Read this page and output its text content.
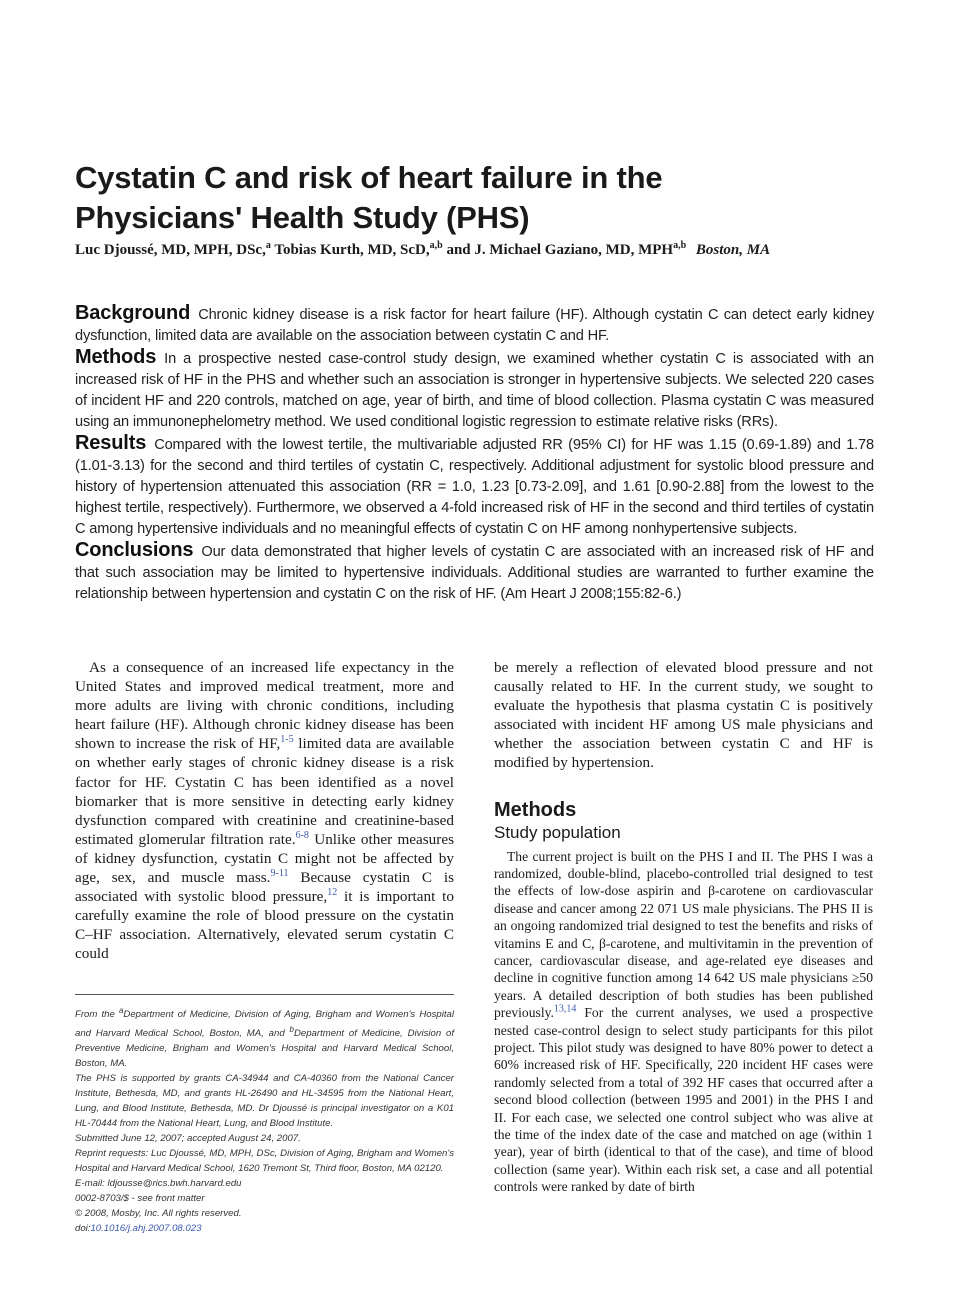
Cystatin C and risk of heart failure in the
Physicians' Health Study (PHS)
Luc Djoussé, MD, MPH, DSc,$^a$ Tobias Kurth, MD, ScD,$^{a,b}$ and J. Michael Gaziano, MD, MPH$^{a,b}$ Boston, MA

Background Chronic kidney disease is a risk factor for heart failure (HF). Although cystatin C can detect early kidney dysfunction, limited data are available on the association between cystatin C and HF.

Methods In a prospective nested case-control study design, we examined whether cystatin C is associated with an increased risk of HF in the PHS and whether such an association is stronger in hypertensive subjects. We selected 220 cases of incident HF and 220 controls, matched on age, year of birth, and time of blood collection. Plasma cystatin C was measured using an immunonephelometry method. We used conditional logistic regression to estimate relative risks (RRs).

Results Compared with the lowest tertile, the multivariable adjusted RR (95% CI) for HF was 1.15 (0.69-1.89) and 1.78 (1.01-3.13) for the second and third tertiles of cystatin C, respectively. Additional adjustment for systolic blood pressure and history of hypertension attenuated this association (RR = 1.0, 1.23 [0.73-2.09], and 1.61 [0.90-2.88] from the lowest to the highest tertile, respectively). Furthermore, we observed a 4-fold increased risk of HF in the second and third tertiles of cystatin C among hypertensive individuals and no meaningful effects of cystatin C on HF among nonhypertensive subjects.

Conclusions Our data demonstrated that higher levels of cystatin C are associated with an increased risk of HF and that such association may be limited to hypertensive individuals. Additional studies are warranted to further examine the relationship between hypertension and cystatin C on the risk of HF. (Am Heart J 2008;155:82-6.)

As a consequence of an increased life expectancy in the United States and improved medical treatment, more and more adults are living with chronic conditions, including heart failure (HF). Although chronic kidney disease has been shown to increase the risk of HF,$^{1-5}$ limited data are available on whether early stages of chronic kidney disease is a risk factor for HF. Cystatin C has been identified as a novel biomarker that is more sensitive in detecting early kidney dysfunction compared with creatinine and creatinine-based estimated glomerular filtration rate.$^{6-8}$ Unlike other measures of kidney dysfunction, cystatin C might not be affected by age, sex, and muscle mass.$^{9-11}$ Because cystatin C is associated with systolic blood pressure,$^{12}$ it is important to carefully examine the role of blood pressure on the cystatin C–HF association. Alternatively, elevated serum cystatin C could

From the $^a$Department of Medicine, Division of Aging, Brigham and Women's Hospital and Harvard Medical School, Boston, MA, and $^b$Department of Medicine, Division of Preventive Medicine, Brigham and Women's Hospital and Harvard Medical School, Boston, MA.

The PHS is supported by grants CA-34944 and CA-40360 from the National Cancer Institute, Bethesda, MD, and grants HL-26490 and HL-34595 from the National Heart, Lung, and Blood Institute, Bethesda, MD. Dr Djoussé is principal investigator on a K01 HL-70444 from the National Heart, Lung, and Blood Institute.

Submitted June 12, 2007; accepted August 24, 2007.

Reprint requests: Luc Djoussé, MD, MPH, DSc, Division of Aging, Brigham and Women's Hospital and Harvard Medical School, 1620 Tremont St, Third floor, Boston, MA 02120.

E-mail: ldjousse@rics.bwh.harvard.edu

0002-8703/$ - see front matter

© 2008, Mosby, Inc. All rights reserved.

doi:10.1016/j.ahj.2007.08.023

be merely a reflection of elevated blood pressure and not causally related to HF. In the current study, we sought to evaluate the hypothesis that plasma cystatin C is positively associated with incident HF among US male physicians and whether the association between cystatin C and HF is modified by hypertension.

Methods
Study population

The current project is built on the PHS I and II. The PHS I was a randomized, double-blind, placebo-controlled trial designed to test the effects of low-dose aspirin and β-carotene on cardiovascular disease and cancer among 22 071 US male physicians. The PHS II is an ongoing randomized trial designed to test the benefits and risks of vitamins E and C, β-carotene, and multivitamin in the prevention of cancer, cardiovascular disease, and age-related eye diseases and decline in cognitive function among 14 642 US male physicians ≥50 years. A detailed description of both studies has been published previously.$^{13,14}$ For the current analyses, we used a prospective nested case-control design to select study participants for this pilot project. This pilot study was designed to have 80% power to detect a 60% increased risk of HF. Specifically, 220 incident HF cases were randomly selected from a total of 392 HF cases that occurred after a second blood collection (between 1995 and 2001) in the PHS I and II. For each case, we selected one control subject who was alive at the time of the index date of the case and matched on age (within 1 year), year of birth (identical to that of the case), and time of blood collection (same year). Within each risk set, a case and all potential controls were ranked by date of birth
